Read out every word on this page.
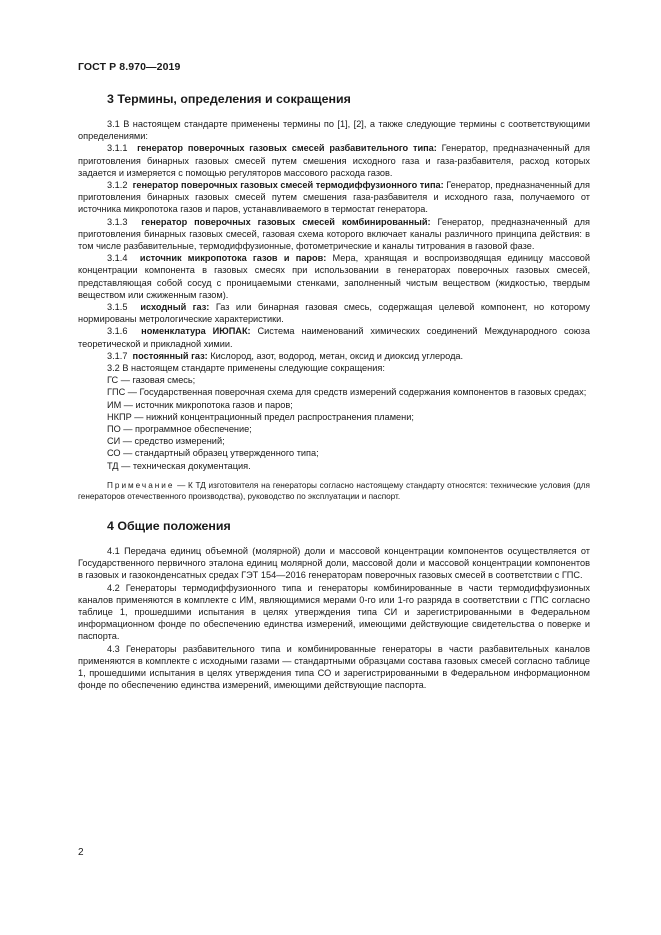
ГОСТ Р 8.970—2019
3 Термины, определения и сокращения

3.1 В настоящем стандарте применены термины по [1], [2], а также следующие термины с соответствующими определениями:

3.1.1 генератор поверочных газовых смесей разбавительного типа: Генератор, предназначенный для приготовления бинарных газовых смесей путем смешения исходного газа и газа-разбавителя, расход которых задается и измеряется с помощью регуляторов массового расхода газов.

3.1.2 генератор поверочных газовых смесей термодиффузионного типа: Генератор, предназначенный для приготовления бинарных газовых смесей путем смешения газа-разбавителя и исходного газа, получаемого от источника микропотока газов и паров, устанавливаемого в термостат генератора.

3.1.3 генератор поверочных газовых смесей комбинированный: Генератор, предназначенный для приготовления бинарных газовых смесей, газовая схема которого включает каналы различного принципа действия: в том числе разбавительные, термодиффузионные, фотометрические и каналы титрования в газовой фазе.

3.1.4 источник микропотока газов и паров: Мера, хранящая и воспроизводящая единицу массовой концентрации компонента в газовых смесях при использовании в генераторах поверочных газовых смесей, представляющая собой сосуд с проницаемыми стенками, заполненный чистым веществом (жидкостью, твердым веществом или сжиженным газом).

3.1.5 исходный газ: Газ или бинарная газовая смесь, содержащая целевой компонент, но которому нормированы метрологические характеристики.

3.1.6 номенклатура ИЮПАК: Система наименований химических соединений Международного союза теоретической и прикладной химии.

3.1.7 постоянный газ: Кислород, азот, водород, метан, оксид и диоксид углерода.

3.2 В настоящем стандарте применены следующие сокращения:

ГС — газовая смесь;

ГПС — Государственная поверочная схема для средств измерений содержания компонентов в газовых средах;

ИМ — источник микропотока газов и паров;

НКПР — нижний концентрационный предел распространения пламени;

ПО — программное обеспечение;

СИ — средство измерений;

СО — стандартный образец утвержденного типа;

ТД — техническая документация.

Примечание — К ТД изготовителя на генераторы согласно настоящему стандарту относятся: технические условия (для генераторов отечественного производства), руководство по эксплуатации и паспорт.

4 Общие положения

4.1 Передача единиц объемной (молярной) доли и массовой концентрации компонентов осуществляется от Государственного первичного эталона единиц молярной доли, массовой доли и массовой концентрации компонентов в газовых и газоконденсатных средах ГЭТ 154—2016 генераторам поверочных газовых смесей в соответствии с ГПС.

4.2 Генераторы термодиффузионного типа и генераторы комбинированные в части термодиффузионных каналов применяются в комплекте с ИМ, являющимися мерами 0-го или 1-го разряда в соответствии с ГПС согласно таблице 1, прошедшими испытания в целях утверждения типа СИ и зарегистрированными в Федеральном информационном фонде по обеспечению единства измерений, имеющими действующие свидетельства о поверке и паспорта.

4.3 Генераторы разбавительного типа и комбинированные генераторы в части разбавительных каналов применяются в комплекте с исходными газами — стандартными образцами состава газовых смесей согласно таблице 1, прошедшими испытания в целях утверждения типа СО и зарегистрированными в Федеральном информационном фонде по обеспечению единства измерений, имеющими действующие паспорта.

2
